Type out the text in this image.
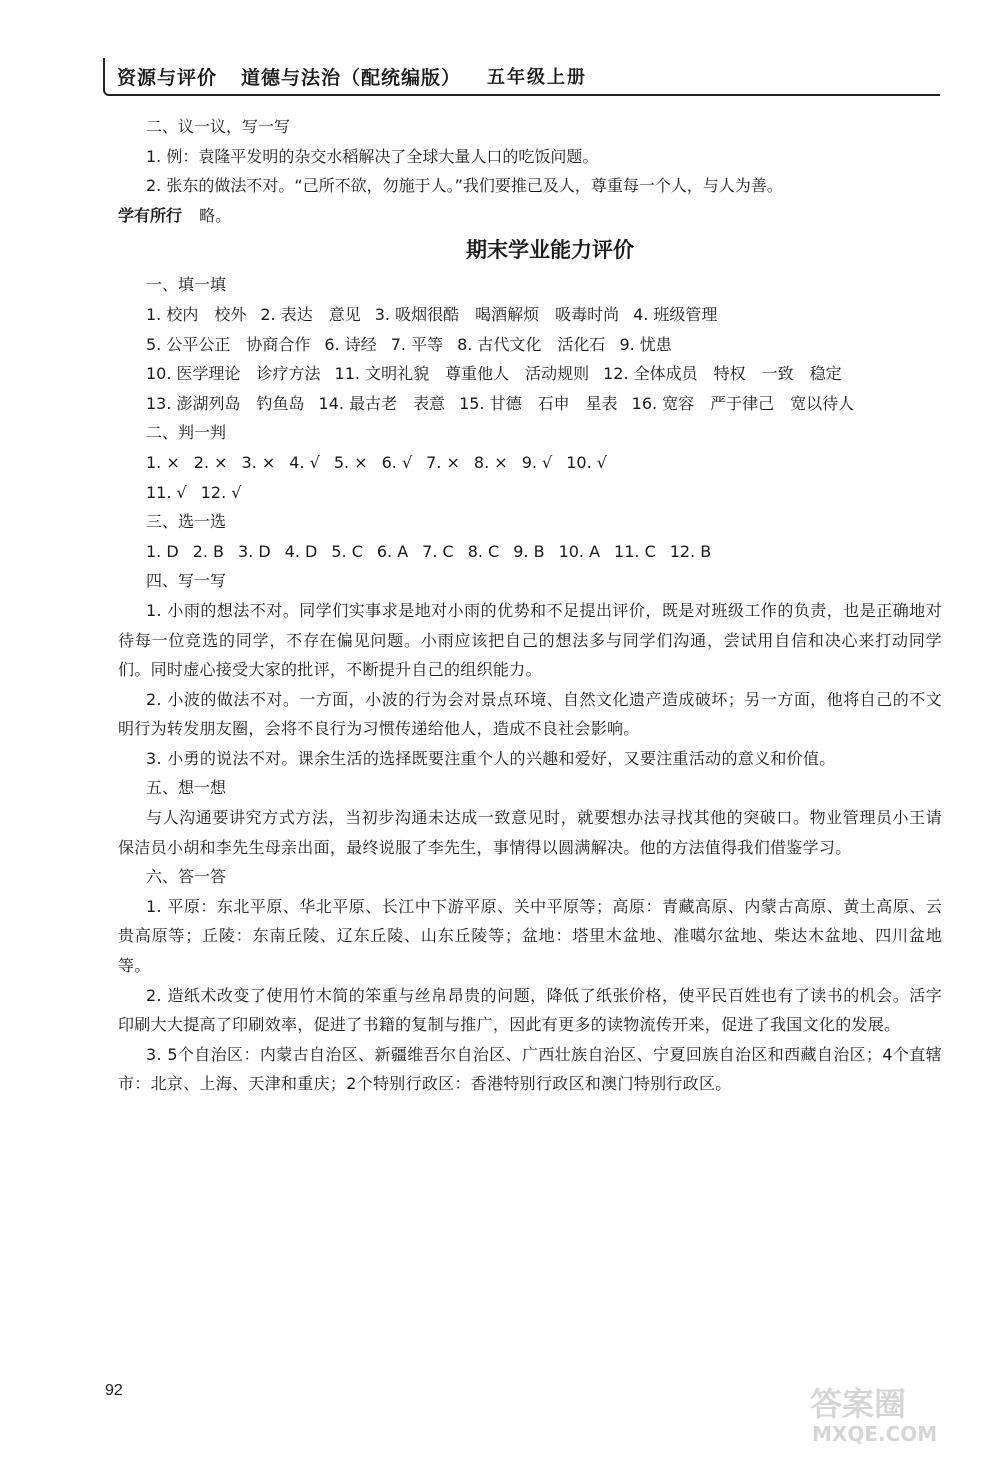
资源与评价 道德与法治（配统编版） 五年级上册
二、议一议，写一写
1. 例：袁隆平发明的杂交水稻解决了全球大量人口的吃饭问题。
2. 张东的做法不对。“己所不欲，勿施于人。”我们要推己及人，尊重每一个人，与人为善。
学有所行 略。
期末学业能力评价
一、填一填
1. 校内　校外 2. 表达　意见 3. 吸烟很酷　喝酒解烦　吸毒时尚 4. 班级管理
5. 公平公正　协商合作 6. 诗经 7. 平等 8. 古代文化　活化石 9. 忧患
10. 医学理论　诊疗方法 11. 文明礼貌　尊重他人　活动规则 12. 全体成员　特权　一致　稳定
13. 澎湖列岛　钓鱼岛 14. 最古老　表意 15. 甘德　石申　星表 16. 宽容　严于律己　宽以待人
二、判一判
1. × 2. × 3. × 4. √ 5. × 6. √ 7. × 8. × 9. √ 10. √
11. √ 12. √
三、选一选
1. D 2. B 3. D 4. D 5. C 6. A 7. C 8. C 9. B 10. A 11. C 12. B
四、写一写
1. 小雨的想法不对。同学们实事求是地对小雨的优势和不足提出评价，既是对班级工作的负责，也是正确地对待每一位竞选的同学，不存在偏见问题。小雨应该把自己的想法多与同学们沟通，尝试用自信和决心来打动同学们。同时虚心接受大家的批评，不断提升自己的组织能力。
2. 小波的做法不对。一方面，小波的行为会对景点环境、自然文化遗产造成破坏；另一方面，他将自己的不文明行为转发朋友圈，会将不良行为习惯传递给他人，造成不良社会影响。
3. 小勇的说法不对。课余生活的选择既要注重个人的兴趣和爱好，又要注重活动的意义和价值。
五、想一想
与人沟通要讲究方式方法，当初步沟通未达成一致意见时，就要想办法寻找其他的突破口。物业管理员小王请保洁员小胡和李先生母亲出面，最终说服了李先生，事情得以圆满解决。他的方法值得我们借鉴学习。
六、答一答
1. 平原：东北平原、华北平原、长江中下游平原、关中平原等；高原：青藏高原、内蒙古高原、黄土高原、云贵高原等；丘陵：东南丘陵、辽东丘陵、山东丘陵等；盆地：塔里木盆地、准噶尔盆地、柴达木盆地、四川盆地等。
2. 造纸术改变了使用竹木简的笨重与丝帛昂贵的问题，降低了纸张价格，使平民百姓也有了读书的机会。活字印刷大大提高了印刷效率，促进了书籍的复制与推广，因此有更多的读物流传开来，促进了我国文化的发展。
3. 5个自治区：内蒙古自治区、新疆维吾尔自治区、广西壮族自治区、宁夏回族自治区和西藏自治区；4个直辖市：北京、上海、天津和重庆；2个特别行政区：香港特别行政区和澳门特别行政区。
92	答案圈
MXQE.COM
